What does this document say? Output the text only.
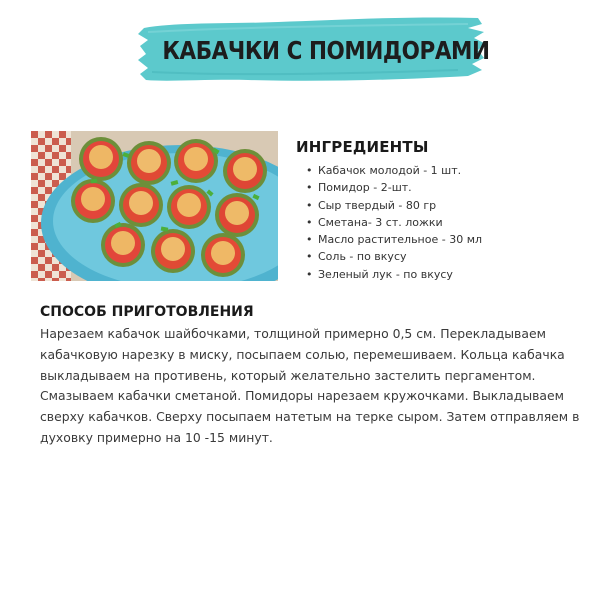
КАБАЧКИ С ПОМИДОРАМИ
ИНГРЕДИЕНТЫ
• Кабачок молодой - 1 шт.
• Помидор - 2-шт.
• Сыр твердый - 80 гр
• Сметана- 3 ст. ложки
• Масло растительное - 30 мл
• Соль - по вкусу
• Зеленый лук - по вкусу
СПОСОБ ПРИГОТОВЛЕНИЯ

Нарезаем кабачок шайбочками, толщиной примерно 0,5 см. Перекладываем кабачковую нарезку в миску, посыпаем солью, перемешиваем. Кольца кабачка выкладываем на противень, который желательно застелить пергаментом. Смазываем кабачки сметаной. Помидоры нарезаем кружочками. Выкладываем сверху кабачков. Сверху посыпаем натетым на терке сыром. Затем отправляем в духовку примерно на 10 -15 минут.
